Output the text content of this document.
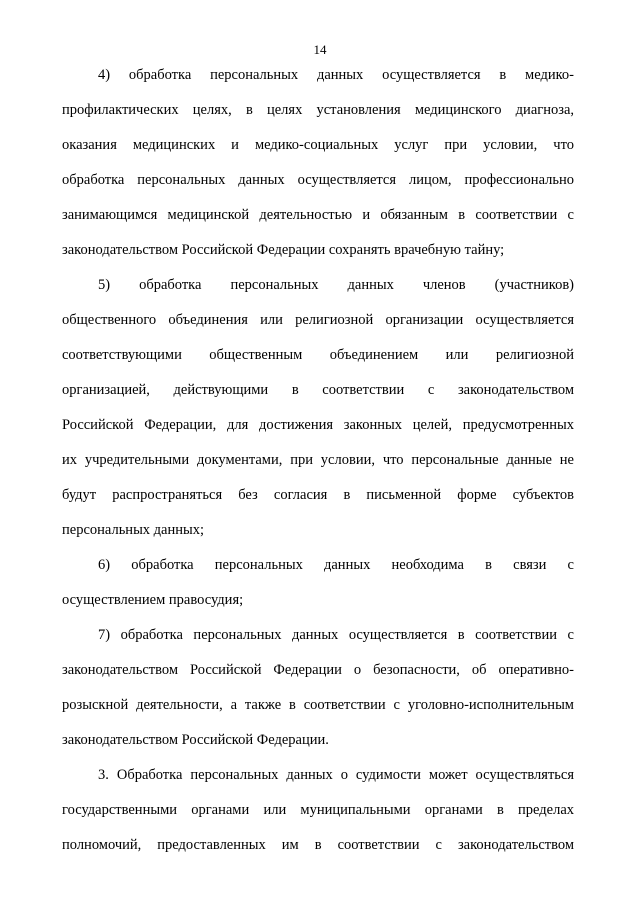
14
4) обработка персональных данных осуществляется в медико-
профилактических целях, в целях установления медицинского диагноза,
оказания медицинских и медико-социальных услуг при условии, что
обработка персональных данных осуществляется лицом, профессионально
занимающимся медицинской деятельностью и обязанным в соответствии с
законодательством Российской Федерации сохранять врачебную тайну;
5) обработка персональных данных членов (участников)
общественного объединения или религиозной организации осуществляется
соответствующими общественным объединением или религиозной
организацией, действующими в соответствии с законодательством
Российской Федерации, для достижения законных целей, предусмотренных
их учредительными документами, при условии, что персональные данные не
будут распространяться без согласия в письменной форме субъектов
персональных данных;
6) обработка персональных данных необходима в связи с
осуществлением правосудия;
7) обработка персональных данных осуществляется в соответствии с
законодательством Российской Федерации о безопасности, об оперативно-
розыскной деятельности, а также в соответствии с уголовно-исполнительным
законодательством Российской Федерации.
3. Обработка персональных данных о судимости может осуществляться
государственными органами или муниципальными органами в пределах
полномочий, предоставленных им в соответствии с законодательством
